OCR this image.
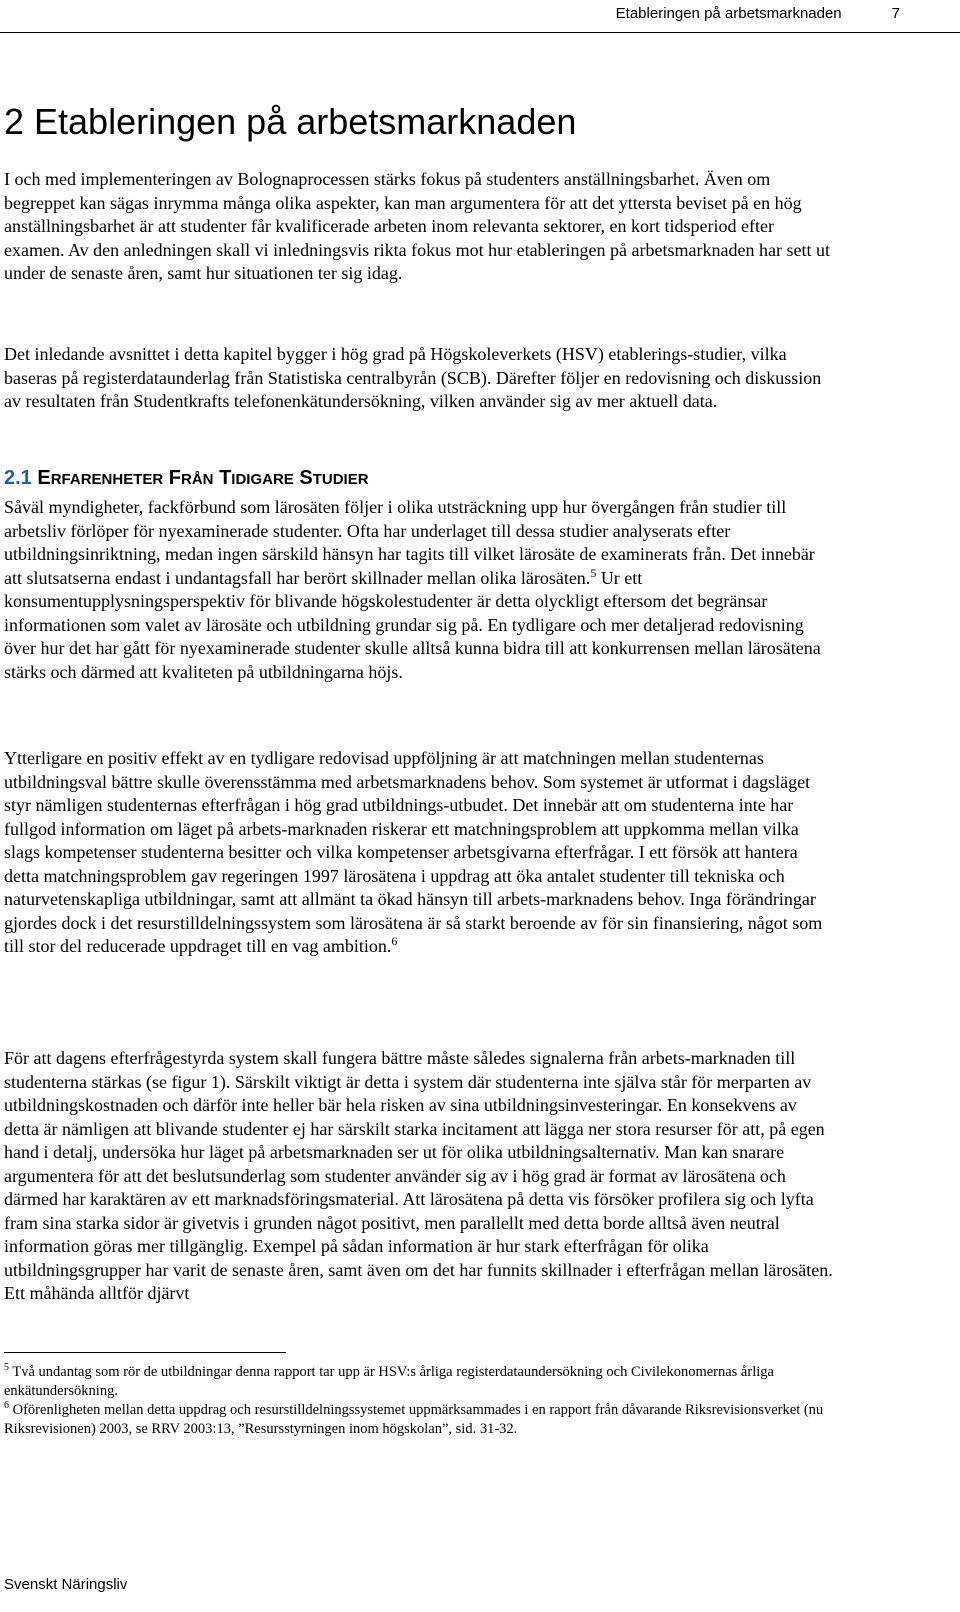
Etableringen på arbetsmarknaden	7
2 Etableringen på arbetsmarknaden

I och med implementeringen av Bolognaprocessen stärks fokus på studenters anställningsbarhet. Även om begreppet kan sägas inrymma många olika aspekter, kan man argumentera för att det yttersta beviset på en hög anställningsbarhet är att studenter får kvalificerade arbeten inom relevanta sektorer, en kort tidsperiod efter examen. Av den anledningen skall vi inledningsvis rikta fokus mot hur etableringen på arbetsmarknaden har sett ut under de senaste åren, samt hur situationen ter sig idag.

Det inledande avsnittet i detta kapitel bygger i hög grad på Högskoleverkets (HSV) etablerings-studier, vilka baseras på registerdataunderlag från Statistiska centralbyrån (SCB). Därefter följer en redovisning och diskussion av resultaten från Studentkrafts telefonenkätundersökning, vilken använder sig av mer aktuell data.

2.1 ERFARENHETER FRÅN TIDIGARE STUDIER

Såväl myndigheter, fackförbund som lärosäten följer i olika utsträckning upp hur övergången från studier till arbetsliv förlöper för nyexaminerade studenter. Ofta har underlaget till dessa studier analyserats efter utbildningsinriktning, medan ingen särskild hänsyn har tagits till vilket lärosäte de examinerats från. Det innebär att slutsatserna endast i undantagsfall har berört skillnader mellan olika lärosäten.$^5$ Ur ett konsumentupplysningsperspektiv för blivande högskolestudenter är detta olyckligt eftersom det begränsar informationen som valet av lärosäte och utbildning grundar sig på. En tydligare och mer detaljerad redovisning över hur det har gått för nyexaminerade studenter skulle alltså kunna bidra till att konkurrensen mellan lärosätena stärks och därmed att kvaliteten på utbildningarna höjs.

Ytterligare en positiv effekt av en tydligare redovisad uppföljning är att matchningen mellan studenternas utbildningsval bättre skulle överensstämma med arbetsmarknadens behov. Som systemet är utformat i dagsläget styr nämligen studenternas efterfrågan i hög grad utbildnings-utbudet. Det innebär att om studenterna inte har fullgod information om läget på arbets-marknaden riskerar ett matchningsproblem att uppkomma mellan vilka slags kompetenser studenterna besitter och vilka kompetenser arbetsgivarna efterfrågar. I ett försök att hantera detta matchningsproblem gav regeringen 1997 lärosätena i uppdrag att öka antalet studenter till tekniska och naturvetenskapliga utbildningar, samt att allmänt ta ökad hänsyn till arbets-marknadens behov. Inga förändringar gjordes dock i det resurstilldelningssystem som lärosätena är så starkt beroende av för sin finansiering, något som till stor del reducerade uppdraget till en vag ambition.$^6$

För att dagens efterfrågestyrda system skall fungera bättre måste således signalerna från arbets-marknaden till studenterna stärkas (se figur 1). Särskilt viktigt är detta i system där studenterna inte själva står för merparten av utbildningskostnaden och därför inte heller bär hela risken av sina utbildningsinvesteringar. En konsekvens av detta är nämligen att blivande studenter ej har särskilt starka incitament att lägga ner stora resurser för att, på egen hand i detalj, undersöka hur läget på arbetsmarknaden ser ut för olika utbildningsalternativ. Man kan snarare argumentera för att det beslutsunderlag som studenter använder sig av i hög grad är format av lärosätena och därmed har karaktären av ett marknadsföringsmaterial. Att lärosätena på detta vis försöker profilera sig och lyfta fram sina starka sidor är givetvis i grunden något positivt, men parallellt med detta borde alltså även neutral information göras mer tillgänglig. Exempel på sådan information är hur stark efterfrågan för olika utbildningsgrupper har varit de senaste åren, samt även om det har funnits skillnader i efterfrågan mellan lärosäten. Ett måhända alltför djärvt

$^5$ Två undantag som rör de utbildningar denna rapport tar upp är HSV:s årliga registerdataundersökning och Civilekonomernas årliga enkätundersökning.

$^6$ Oförenligheten mellan detta uppdrag och resurstilldelningssystemet uppmärksammades i en rapport från dåvarande Riksrevisionsverket (nu Riksrevisionen) 2003, se RRV 2003:13, ”Resursstyrningen inom högskolan”, sid. 31-32.

Svenskt Näringsliv
